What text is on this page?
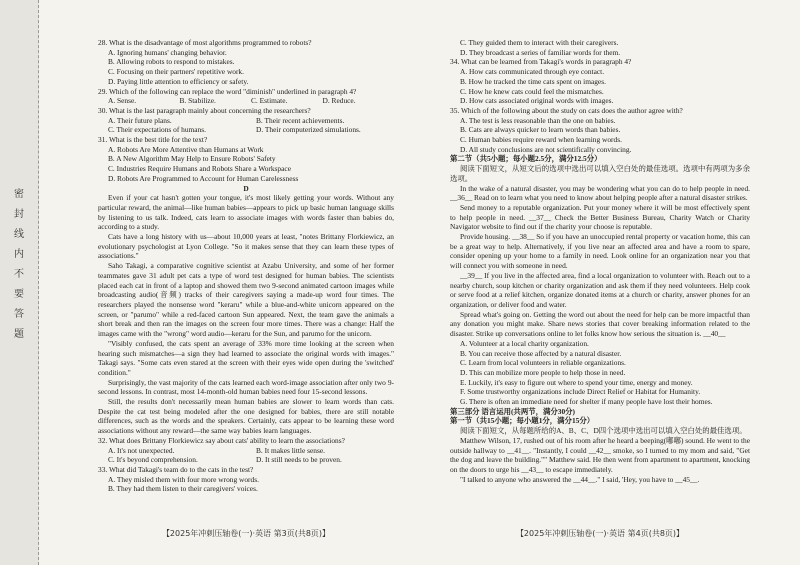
密封线内不要答题

28. What is the disadvantage of most algorithms programmed to robots?

A. Ignoring humans' changing behavior.

B. Allowing robots to respond to mistakes.

C. Focusing on their partners' repetitive work.

D. Paying little attention to efficiency or safety.

29. Which of the following can replace the word "diminish" underlined in paragraph 4?

A. Sense.	B. Stabilize.	C. Estimate.	D. Reduce.

30. What is the last paragraph mainly about concerning the researchers?

A. Their future plans.	B. Their recent achievements.

C. Their expectations of humans.	D. Their computerized simulations.

31. What is the best title for the text?

A. Robots Are More Attentive than Humans at Work

B. A New Algorithm May Help to Ensure Robots' Safety

C. Industries Require Humans and Robots Share a Workspace

D. Robots Are Programmed to Account for Human Carelessness

D

Even if your cat hasn't gotten your tongue, it's most likely getting your words. Without any particular reward, the animal—like human babies—appears to pick up basic human language skills by listening to us talk. Indeed, cats learn to associate images with words faster than babies do, according to a study.

Cats have a long history with us—about 10,000 years at least, "notes Brittany Florkiewicz, an evolutionary psychologist at Lyon College. "So it makes sense that they can learn these types of associations."

Saho Takagi, a comparative cognitive scientist at Azabu University, and some of her former teammates gave 31 adult pet cats a type of word test designed for human babies. The scientists placed each cat in front of a laptop and showed them two 9-second animated cartoon images while broadcasting audio(音频) tracks of their caregivers saying a made-up word four times. The researchers played the nonsense word "keraru" while a blue-and-white unicorn appeared on the screen, or "parumo" while a red-faced cartoon Sun appeared. Next, the team gave the animals a short break and then ran the images on the screen four more times. There was a change: Half the images came with the "wrong" word audio—keraru for the Sun, and parumo for the unicorn.

"Visibly confused, the cats spent an average of 33% more time looking at the screen when hearing such mismatches—a sign they had learned to associate the original words with images." Takagi says. "Some cats even stared at the screen with their eyes wide open during the 'switched' condition."

Surprisingly, the vast majority of the cats learned each word-image association after only two 9-second lessons. In contrast, most 14-month-old human babies need four 15-second lessons.

Still, the results don't necessarily mean human babies are slower to learn words than cats. Despite the cat test being modeled after the one designed for babies, there are still notable differences, such as the words and the speakers. Certainly, cats appear to be learning these word associations without any reward—the same way babies learn languages.

32. What does Brittany Florkiewicz say about cats' ability to learn the associations?

A. It's not unexpected.	B. It makes little sense.

C. It's beyond comprehension.	D. It still needs to be proven.

33. What did Takagi's team do to the cats in the test?

A. They misled them with four more wrong words.

B. They had them listen to their caregivers' voices.

C. They guided them to interact with their caregivers.

D. They broadcast a series of familiar words for them.

34. What can be learned from Takagi's words in paragraph 4?

A. How cats communicated through eye contact.

B. How he tracked the time cats spent on images.

C. How he knew cats could feel the mismatches.

D. How cats associated original words with images.

35. Which of the following about the study on cats does the author agree with?

A. The test is less reasonable than the one on babies.

B. Cats are always quicker to learn words than babies.

C. Human babies require reward when learning words.

D. All study conclusions are not scientifically convincing.

第二节（共5小题；每小题2.5分，满分12.5分）

阅读下面短文，从短文后的选项中选出可以填入空白处的最佳选项。选项中有两项为多余选项。

In the wake of a natural disaster, you may be wondering what you can do to help people in need. __36__ Read on to learn what you need to know about helping people after a natural disaster strikes.

Send money to a reputable organization. Put your money where it will be most effectively spent to help people in need. __37__ Check the Better Business Bureau, Charity Watch or Charity Navigator website to find out if the charity your choose is reputable.

Provide housing. __38__ So if you have an unoccupied rental property or vacation home, this can be a great way to help. Alternatively, if you live near an affected area and have a room to spare, consider opening up your home to a family in need. Look online for an organization near you that will connect you with someone in need.

__39__ If you live in the affected area, find a local organization to volunteer with. Reach out to a nearby church, soup kitchen or charity organization and ask them if they need volunteers. Help cook or serve food at a relief kitchen, organize donated items at a church or charity, answer phones for an organization, or deliver food and water.

Spread what's going on. Getting the word out about the need for help can be more impactful than any donation you might make. Share news stories that cover breaking information related to the disaster. Strike up conversations online to let folks know how serious the situation is. __40__

A. Volunteer at a local charity organization.

B. You can receive those affected by a natural disaster.

C. Learn from local volunteers in reliable organizations.

D. This can mobilize more people to help those in need.

E. Luckily, it's easy to figure out where to spend your time, energy and money.

F. Some trustworthy organizations include Direct Relief or Habitat for Humanity.

G. There is often an immediate need for shelter if many people have lost their homes.

第三部分 语言运用(共两节，满分30分)

第一节（共15小题；每小题1分，满分15分）

阅读下面短文，从每题所给的A、B、C、D四个选项中选出可以填入空白处的最佳选项。

Matthew Wilson, 17, rushed out of his room after he heard a beeping(嘟嘟) sound. He went to the outside hallway to __41__. "Instantly, I could __42__ smoke, so I turned to my mom and said, "Get the dog and leave the building."" Matthew said. He then went from apartment to apartment, knocking on the doors to urge his __43__ to escape immediately.

"I talked to anyone who answered the __44__." I said, 'Hey, you have to __45__.

【2025年冲刺压轴卷(一)·英语 第3页(共8页)】	【2025年冲刺压轴卷(一)·英语 第4页(共8页)】
